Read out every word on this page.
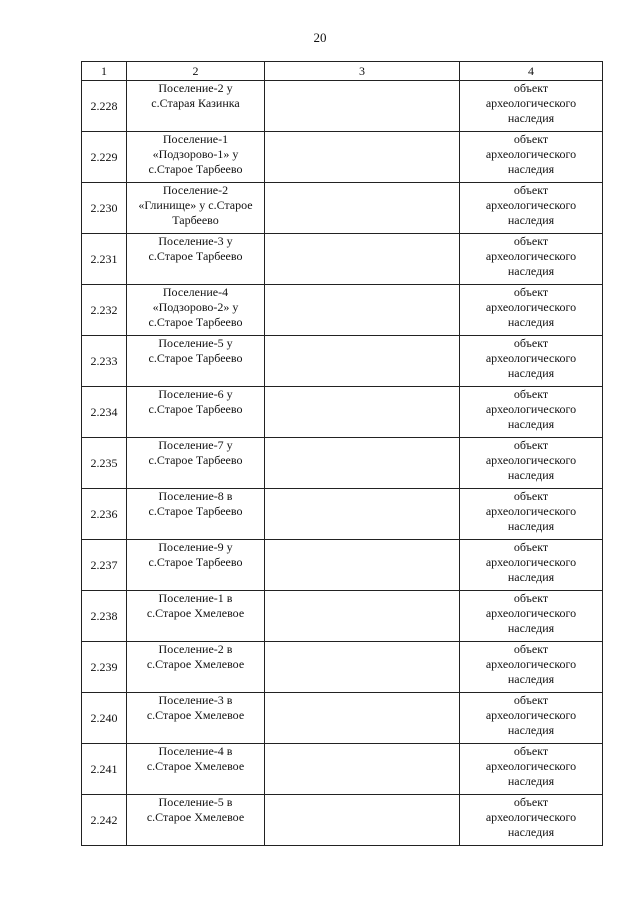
20
1	2	3	4
2.228	Поселение-2 у
с.Старая Казинка		объект
археологического
наследия

2.229	Поселение-1
«Подзорово-1» у
с.Старое Тарбеево		объект
археологического
наследия

2.230	Поселение-2
«Глинище» у с.Старое
Тарбеево		объект
археологического
наследия

2.231	Поселение-3 у
с.Старое Тарбеево		объект
археологического
наследия

2.232	Поселение-4
«Подзорово-2» у
с.Старое Тарбеево		объект
археологического
наследия

2.233	Поселение-5 у
с.Старое Тарбеево		объект
археологического
наследия

2.234	Поселение-6 у
с.Старое Тарбеево		объект
археологического
наследия

2.235	Поселение-7 у
с.Старое Тарбеево		объект
археологического
наследия

2.236	Поселение-8 в
с.Старое Тарбеево		объект
археологического
наследия

2.237	Поселение-9 у
с.Старое Тарбеево		объект
археологического
наследия

2.238	Поселение-1 в
с.Старое Хмелевое		объект
археологического
наследия

2.239	Поселение-2 в
с.Старое Хмелевое		объект
археологического
наследия

2.240	Поселение-3 в
с.Старое Хмелевое		объект
археологического
наследия

2.241	Поселение-4 в
с.Старое Хмелевое		объект
археологического
наследия

2.242	Поселение-5 в
с.Старое Хмелевое		объект
археологического
наследия
